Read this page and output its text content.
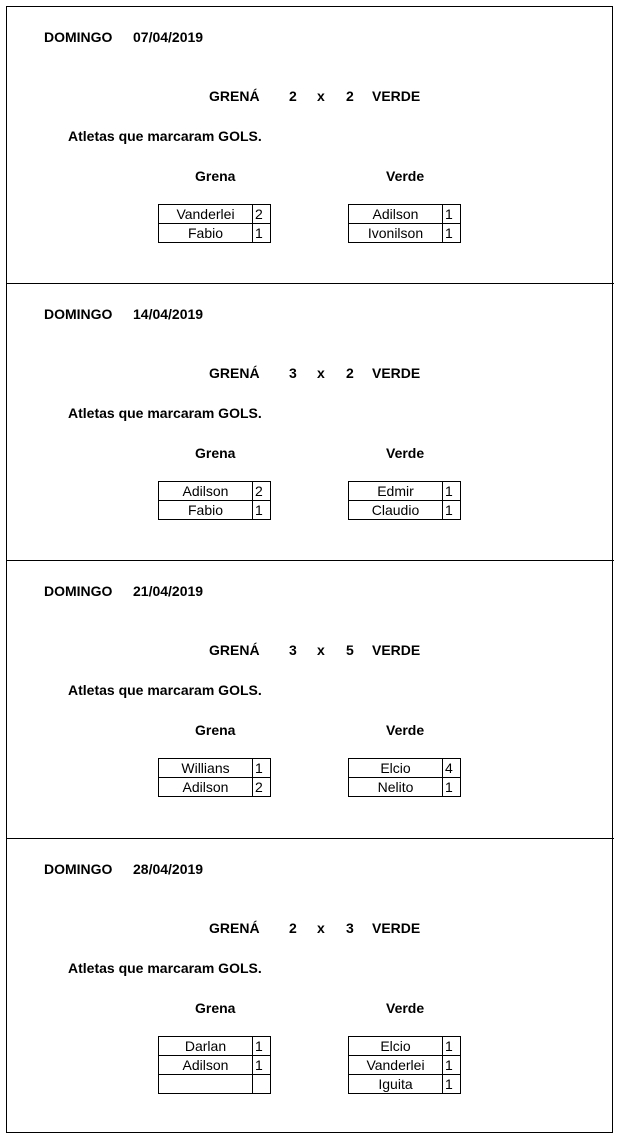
DOMINGO 07/04/2019
GRENÁ 2 x 2 VERDE
Atletas que marcaram GOLS.
Grena	Verde
Vanderlei	2
Fabio	1
Adilson	1
Ivonilson	1
DOMINGO 14/04/2019
GRENÁ 3 x 2 VERDE
Atletas que marcaram GOLS.
Grena	Verde
Adilson	2
Fabio	1
Edmir	1
Claudio	1
DOMINGO 21/04/2019
GRENÁ 3 x 5 VERDE
Atletas que marcaram GOLS.
Grena	Verde
Willians	1
Adilson	2
Elcio	4
Nelito	1
DOMINGO 28/04/2019
GRENÁ 2 x 3 VERDE
Atletas que marcaram GOLS.
Grena	Verde
Darlan	1
Adilson	1

Elcio	1
Vanderlei	1
Iguita	1
